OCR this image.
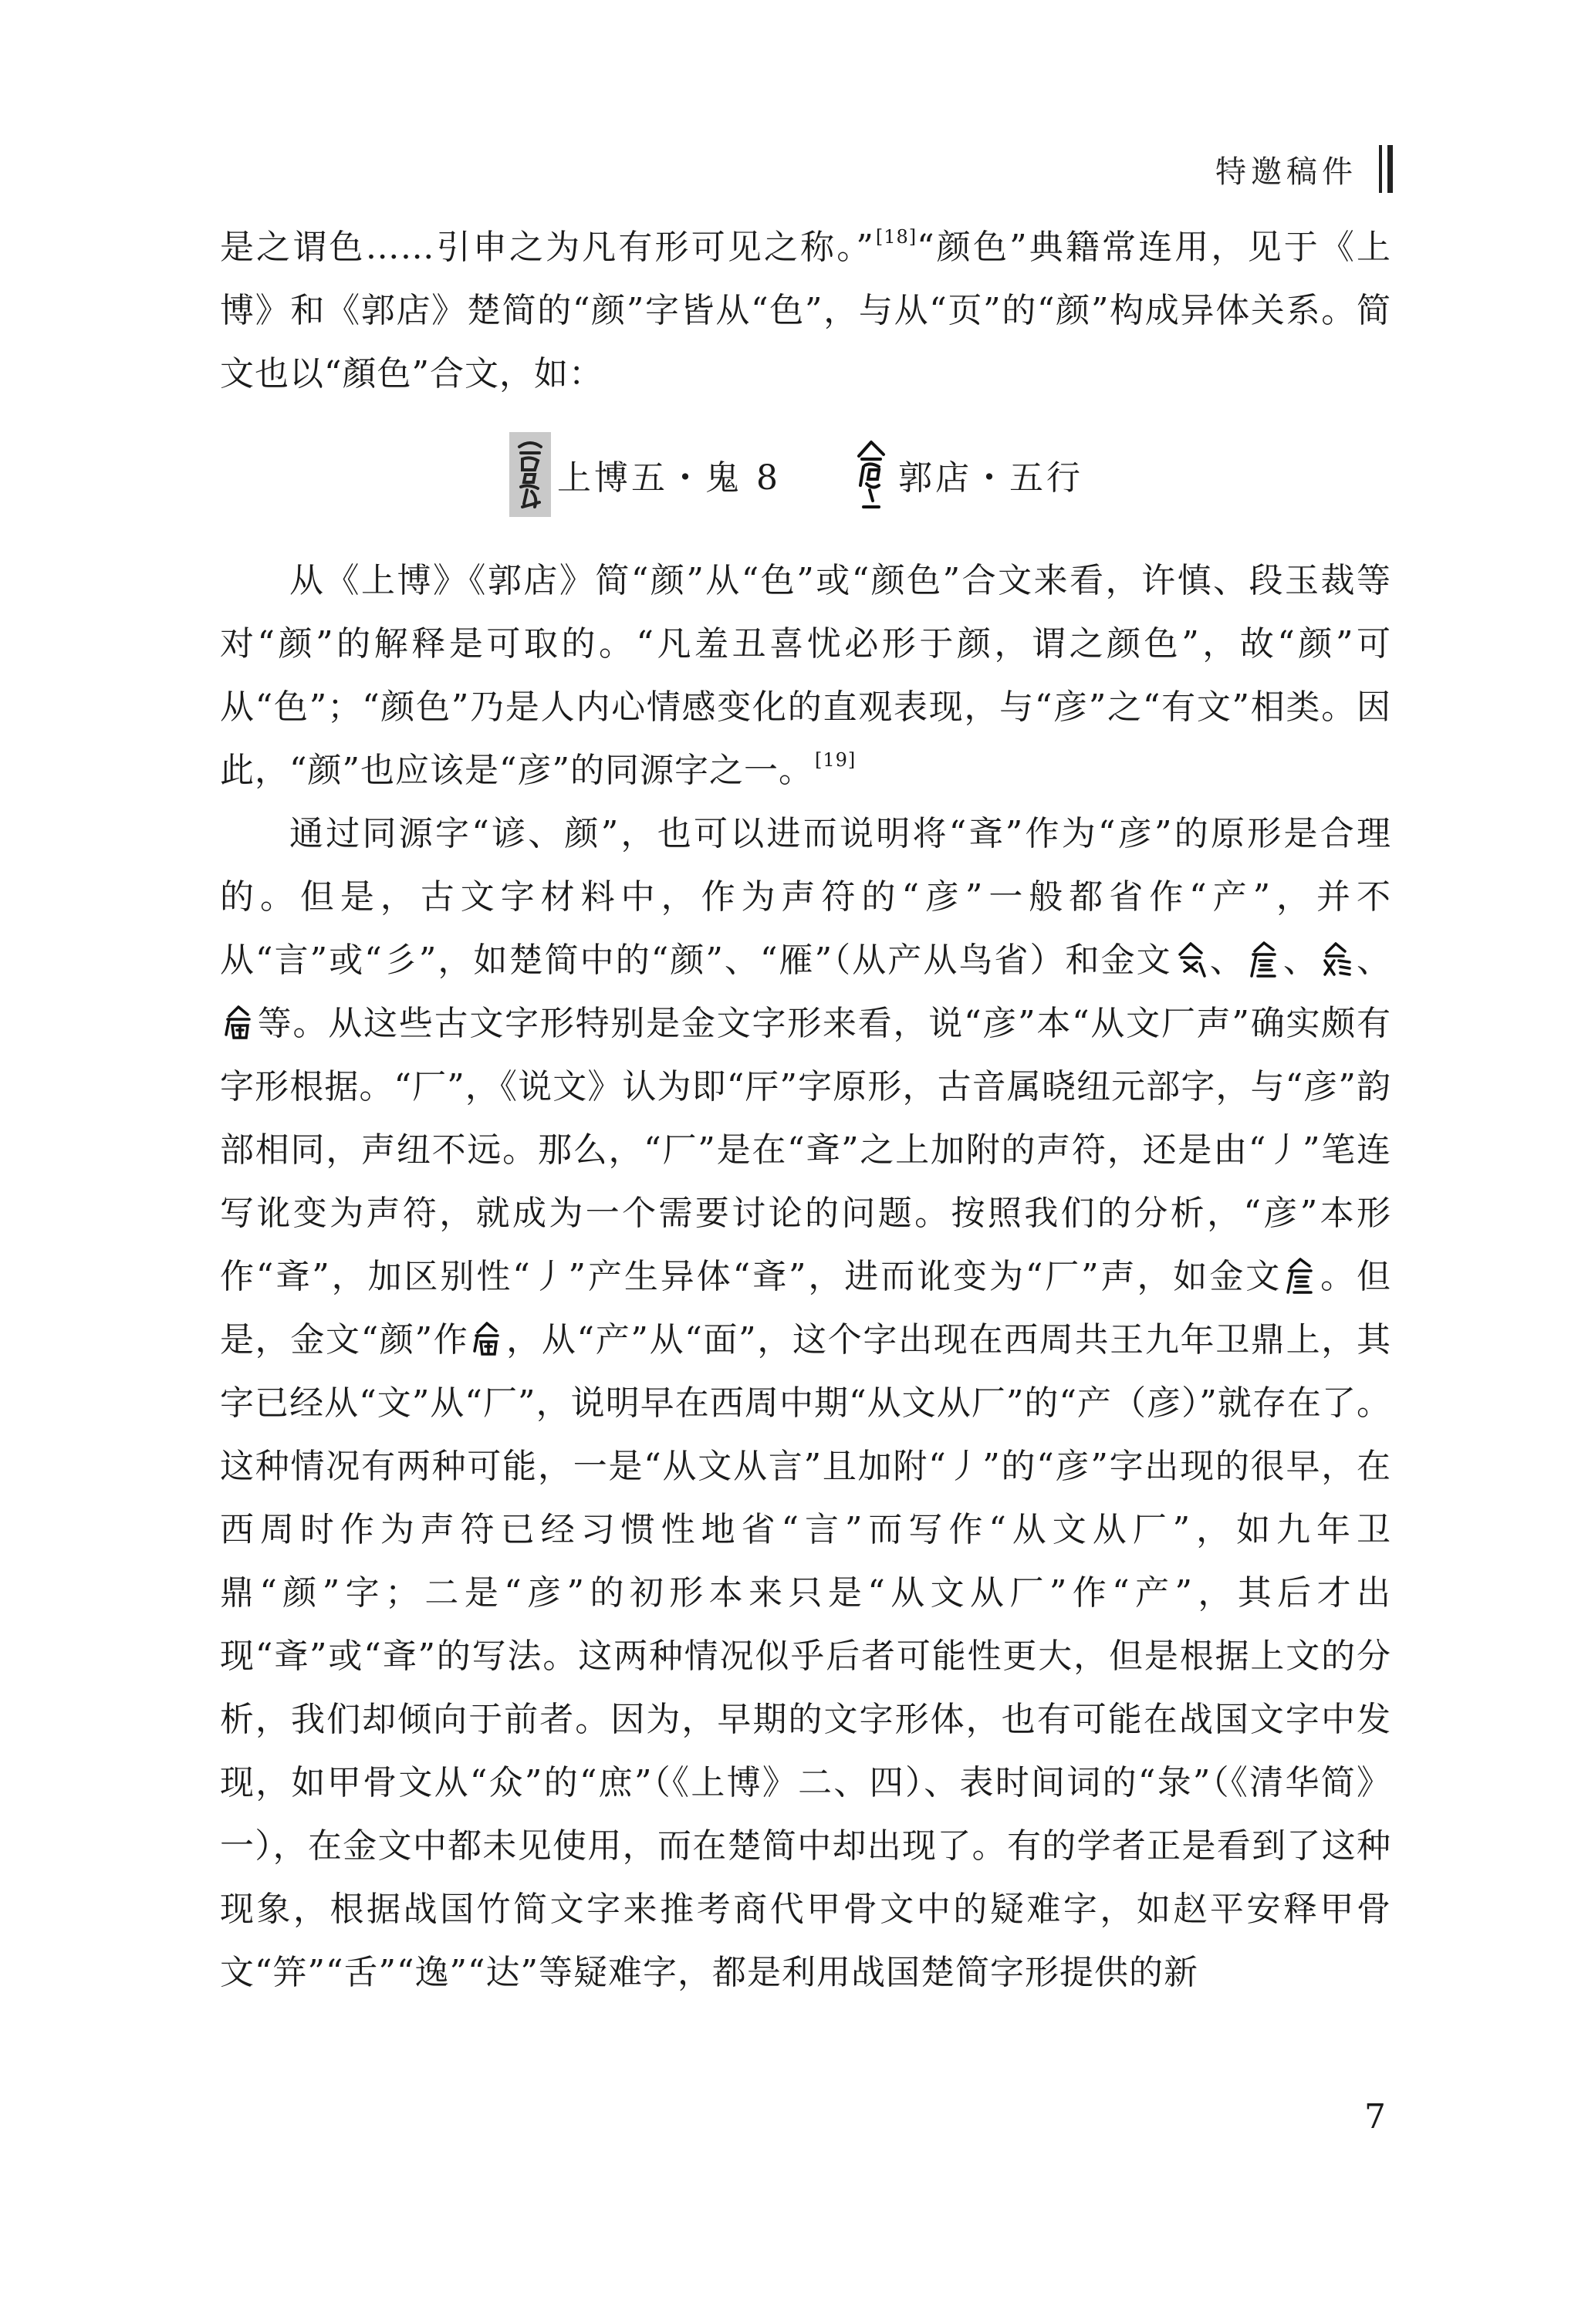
特邀稿件

是之谓色……引申之为凡有形可见之称。”[18]“颜色”典籍常连用，见于《上博》和《郭店》楚简的“颜”字皆从“色”，与从“页”的“颜”构成异体关系。简文也以“顏色”合文，如：

上博五・鬼 8	郭店・五行

从《上博》《郭店》简“颜”从“色”或“颜色”合文来看，许慎、段玉裁等对“颜”的解释是可取的。“凡羞丑喜忧必形于颜，谓之颜色”，故“颜”可从“色”；“颜色”乃是人内心情感变化的直观表现，与“彦”之“有文”相类。因此，“颜”也应该是“彦”的同源字之一。[19]

通过同源字“谚、颜”，也可以进而说明将“斊”作为“彦”的原形是合理的。但是，古文字材料中，作为声符的“彦”一般都省作“产”，并不从“言”或“彡”，如楚简中的“颜”、“雁”（从产从鸟省）和金文 、 、 、
等。从这些古文字形特别是金文字形来看，说“彦”本“从文厂声”确实颇有字形根据。“厂”，《说文》认为即“厈”字原形，古音属晓纽元部字，与“彦”韵部相同，声纽不远。那么，“厂”是在“斊”之上加附的声符，还是由“丿”笔连写讹变为声符，就成为一个需要讨论的问题。按照我们的分析，“彦”本形作“斊”，加区别性“丿”产生异体“斊”，进而讹变为“厂”声，如金文 。但是，金文“颜”作 ，从“产”从“面”，这个字出现在西周共王九年卫鼎上，其字已经从“文”从“厂”，说明早在西周中期“从文从厂”的“产（彦）”就存在了。这种情况有两种可能，一是“从文从言”且加附“丿”的“彦”字出现的很早，在西周时作为声符已经习惯性地省“言”而写作“从文从厂”，如九年卫鼎“颜”字；二是“彦”的初形本来只是“从文从厂”作“产”，其后才出现“斊”或“斊”的写法。这两种情况似乎后者可能性更大，但是根据上文的分析，我们却倾向于前者。因为，早期的文字形体，也有可能在战国文字中发现，如甲骨文从“众”的“庶”（《上博》二、四）、表时间词的“彔”（《清华简》一），在金文中都未见使用，而在楚简中却出现了。有的学者正是看到了这种现象，根据战国竹简文字来推考商代甲骨文中的疑难字，如赵平安释甲骨文“笄”“舌”“逸”“达”等疑难字，都是利用战国楚简字形提供的新

7
